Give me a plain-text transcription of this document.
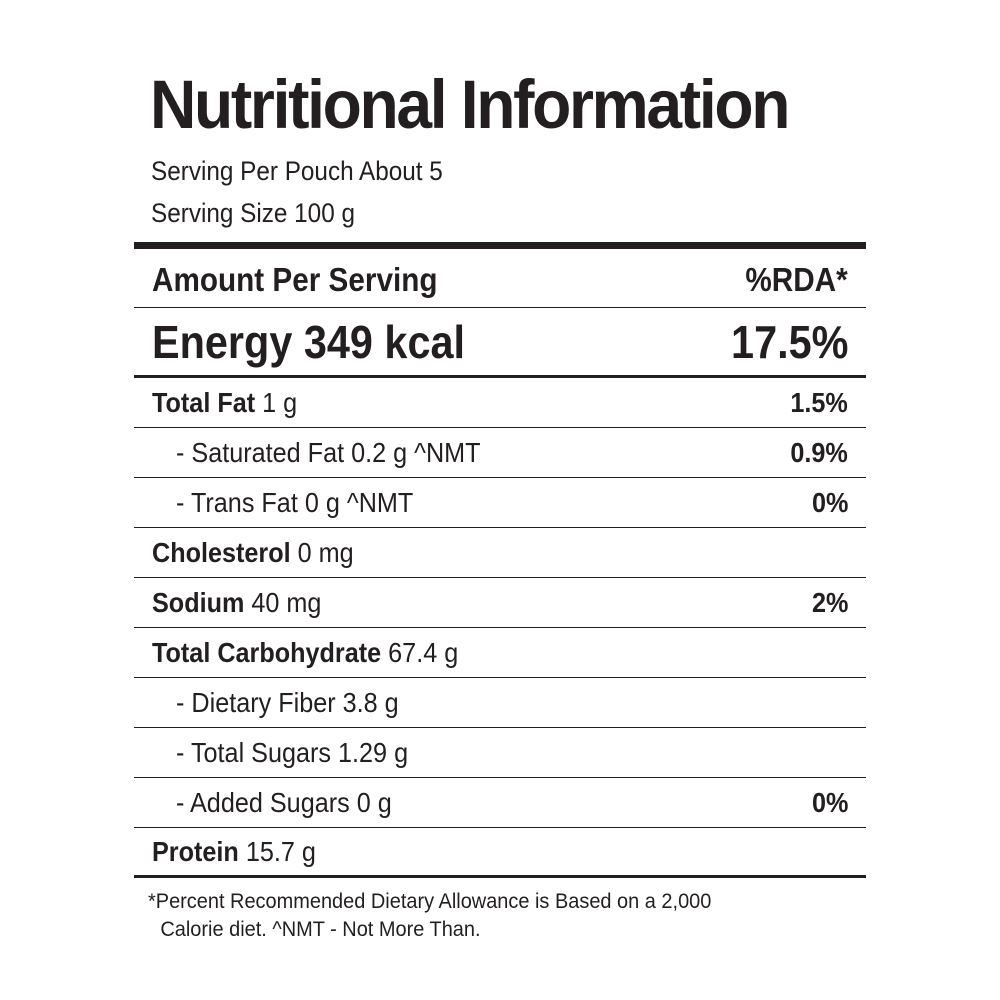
Nutritional Information
Serving Per Pouch About 5
Serving Size 100 g
Amount Per Serving	%RDA*
Energy 349 kcal	17.5%
Total Fat 1 g	1.5%
- Saturated Fat 0.2 g ^NMT	0.9%
- Trans Fat 0 g ^NMT	0%
Cholesterol 0 mg
Sodium 40 mg	2%
Total Carbohydrate 67.4 g
- Dietary Fiber 3.8 g
- Total Sugars 1.29 g
- Added Sugars 0 g	0%
Protein 15.7 g
*Percent Recommended Dietary Allowance is Based on a 2,000
Calorie diet. ^NMT - Not More Than.
